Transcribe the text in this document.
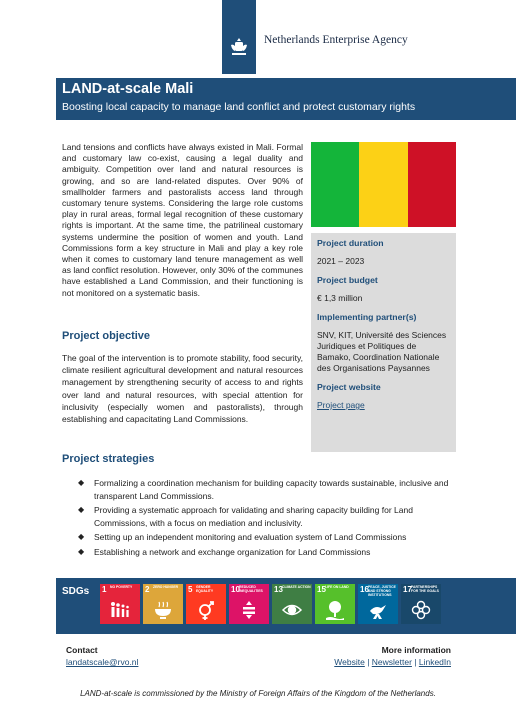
Netherlands Enterprise Agency
LAND-at-scale Mali
Boosting local capacity to manage land conflict and protect customary rights

Land tensions and conflicts have always existed in Mali. Formal and customary law co-exist, causing a legal duality and ambiguity. Competition over land and natural resources is growing, and so are land-related disputes. Over 90% of smallholder farmers and pastoralists access land through customary tenure systems. Considering the large role customs play in rural areas, formal legal recognition of these customary rights is important. At the same time, the patrilineal customary systems undermine the position of women and youth. Land Commissions form a key structure in Mali and play a key role when it comes to customary land tenure management as well as land conflict resolution. However, only 30% of the communes have established a Land Commission, and their functioning is not monitored on a systematic basis.

Project objective

The goal of the intervention is to promote stability, food security, climate resilient agricultural development and natural resources management by strengthening security of access to and rights over land and natural resources, with special attention for inclusivity (especially women and pastoralists), through establishing and capacitating Land Commissions.

Project duration
2021 – 2023
Project budget
€ 1,3 million
Implementing partner(s)
SNV, KIT, Université des Sciences Juridiques et Politiques de Bamako, Coordination Nationale des Organisations Paysannes
Project website
Project page
Project strategies
◆ Formalizing a coordination mechanism for building capacity towards sustainable, inclusive and transparent Land Commissions.
◆ Providing a systematic approach for validating and sharing capacity building for Land Commissions, with a focus on mediation and inclusivity.
◆ Setting up an independent monitoring and evaluation system of Land Commissions
◆ Establishing a network and exchange organization for Land Commissions
SDGs 1 NO POVERTY	2 ZERO HUNGER	5 GENDER EQUALITY	10 REDUCED INEQUALITIES	13 CLIMATE ACTION 15 LIFE ON LAND	16 PEACE, JUSTICE AND STRONG INSTITUTIONS
17 PARTNERSHIPS FOR THE GOALS
Contact
landatscale@rvo.nl
More information
Website | Newsletter | LinkedIn
LAND-at-scale is commissioned by the Ministry of Foreign Affairs of the Kingdom of the Netherlands.
